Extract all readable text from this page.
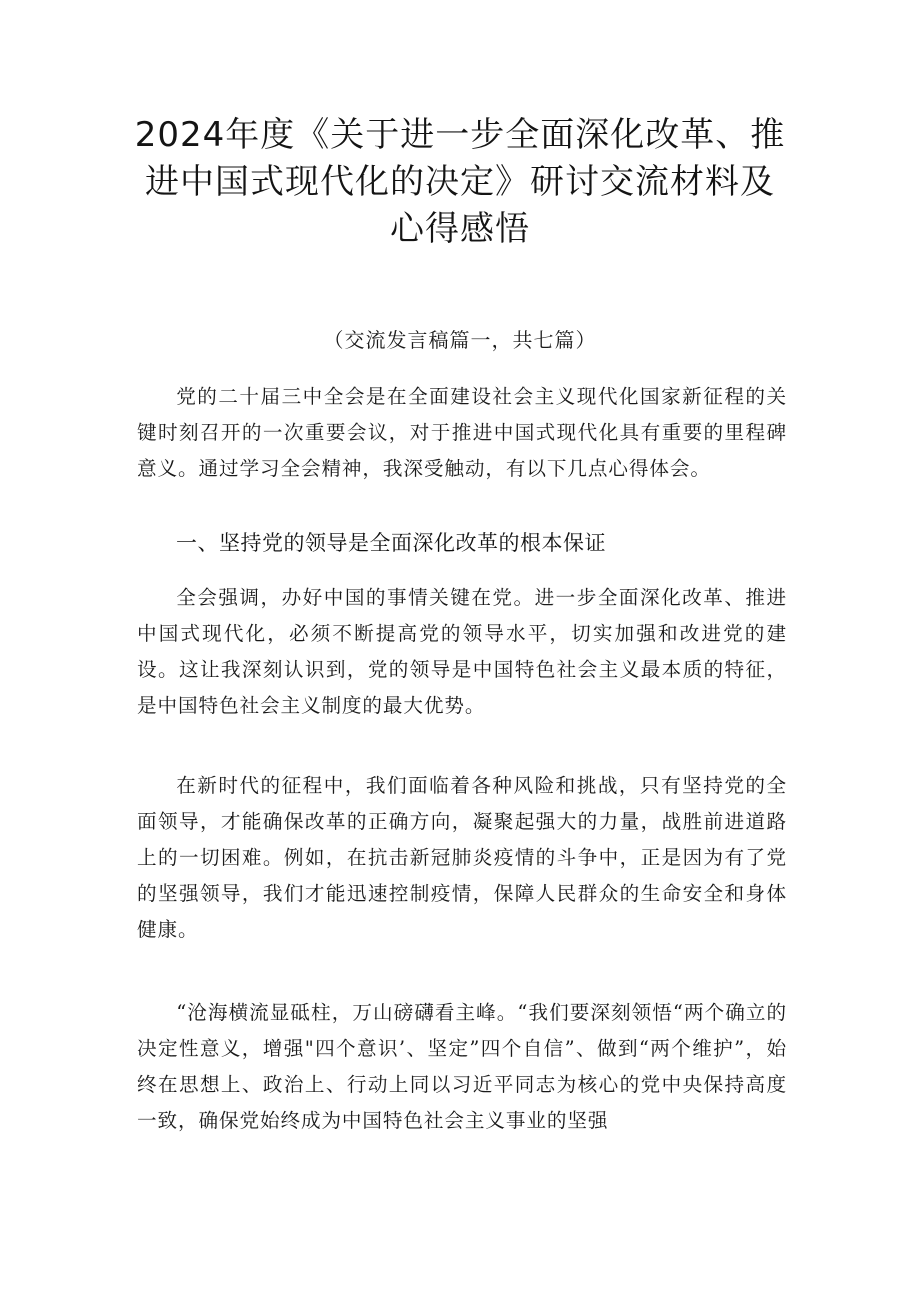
2024年度《关于进一步全面深化改革、推进中国式现代化的决定》研讨交流材料及心得感悟

（交流发言稿篇一，共七篇）

党的二十届三中全会是在全面建设社会主义现代化国家新征程的关键时刻召开的一次重要会议，对于推进中国式现代化具有重要的里程碑意义。通过学习全会精神，我深受触动，有以下几点心得体会。

一、坚持党的领导是全面深化改革的根本保证

全会强调，办好中国的事情关键在党。进一步全面深化改革、推进中国式现代化，必须不断提高党的领导水平，切实加强和改进党的建设。这让我深刻认识到，党的领导是中国特色社会主义最本质的特征，是中国特色社会主义制度的最大优势。

在新时代的征程中，我们面临着各种风险和挑战，只有坚持党的全面领导，才能确保改革的正确方向，凝聚起强大的力量，战胜前进道路上的一切困难。例如，在抗击新冠肺炎疫情的斗争中，正是因为有了党的坚强领导，我们才能迅速控制疫情，保障人民群众的生命安全和身体健康。

“沧海横流显砥柱，万山磅礴看主峰。“我们要深刻领悟“两个确立的决定性意义，增强"四个意识’、坚定”四个自信”、做到“两个维护”，始终在思想上、政治上、行动上同以习近平同志为核心的党中央保持高度一致，确保党始终成为中国特色社会主义事业的坚强
